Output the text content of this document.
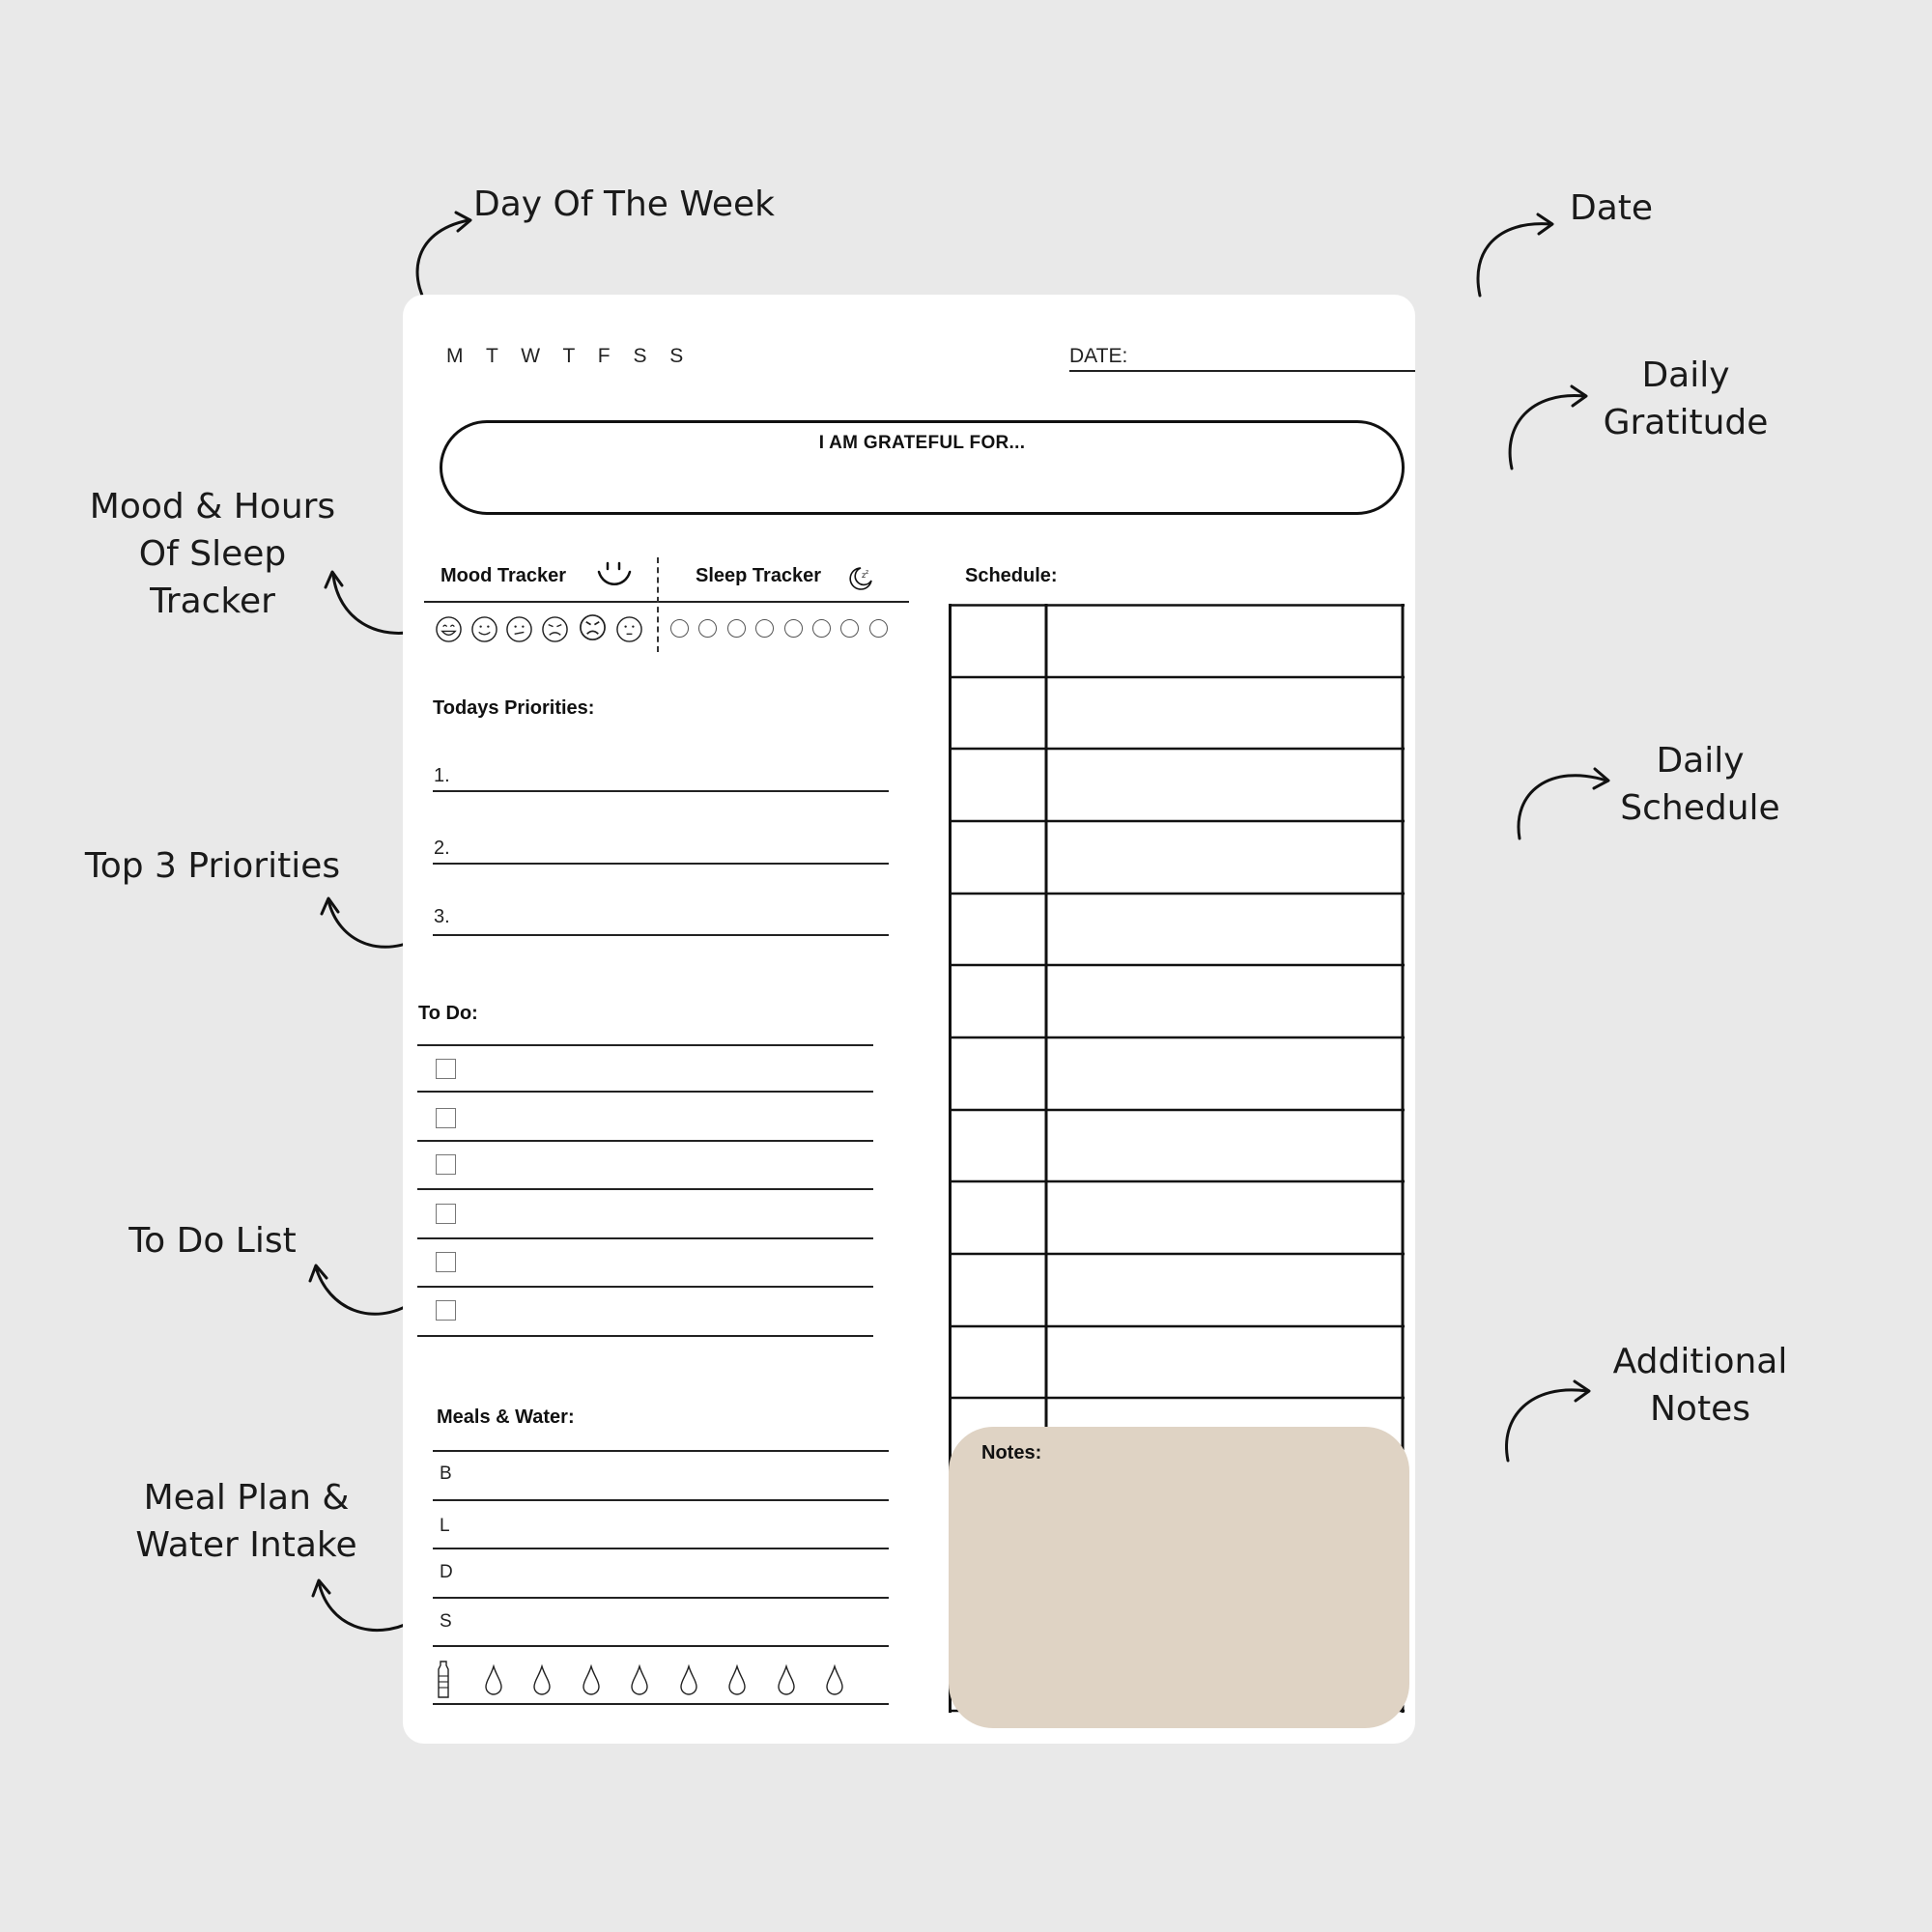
Day Of The Week	Date
Daily
Gratitude
Mood & Hours
Of Sleep
Tracker
Top 3 Priorities
Daily
Schedule
To Do List
Meal Plan &
Water Intake
Additional
Notes
M T W T F S S	DATE:
I AM GRATEFUL FOR...
Mood Tracker	Sleep Tracker	z z	Schedule:
Todays Priorities:
1.
2.
3.
To Do:
Meals & Water:
B
L
D
S
Notes:
